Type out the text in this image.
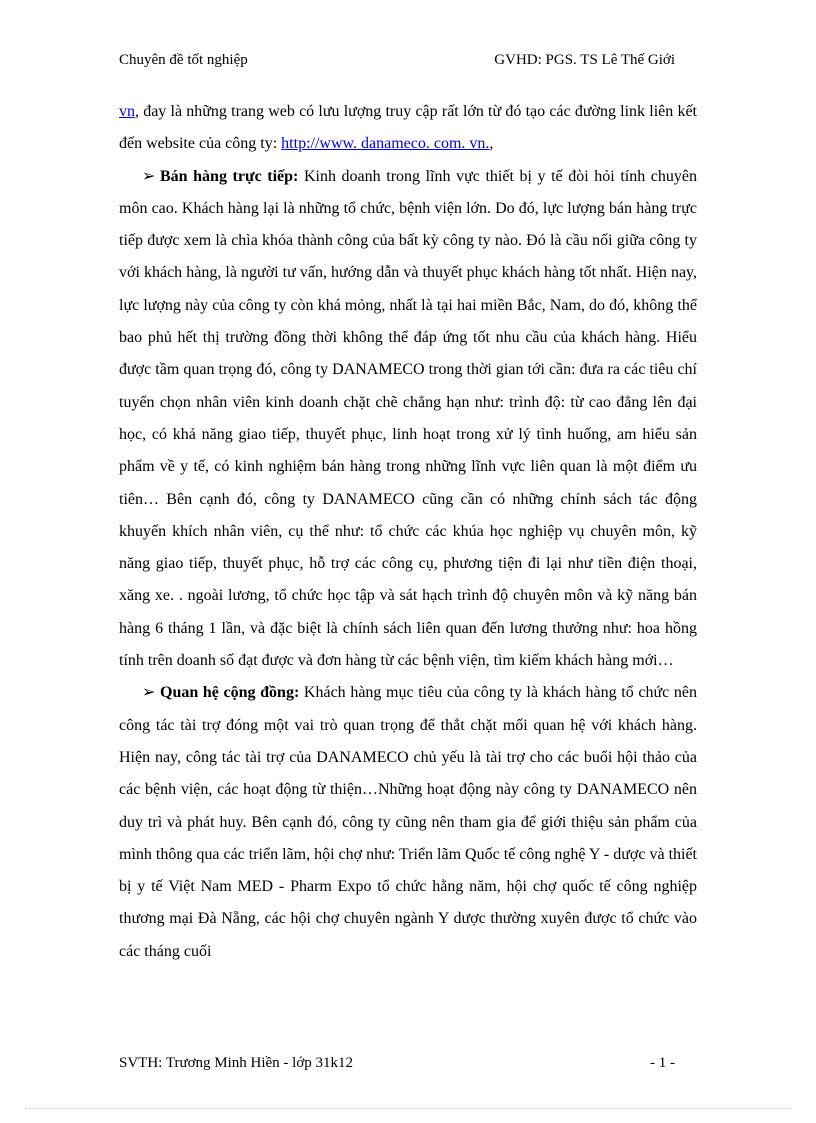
Chuyên đề tốt nghiệp	GVHD: PGS. TS Lê Thế Giới

vn, đay là những trang web có lưu lượng truy cập rất lớn từ đó tạo các đường link liên kết đến website của công ty: http://www. danameco. com. vn.,

➢ Bán hàng trực tiếp: Kinh doanh trong lĩnh vực thiết bị y tế đòi hỏi tính chuyên môn cao. Khách hàng lại là những tổ chức, bệnh viện lớn. Do đó, lực lượng bán hàng trực tiếp được xem là chìa khóa thành công của bất kỳ công ty nào. Đó là cầu nối giữa công ty với khách hàng, là người tư vấn, hướng dẫn và thuyết phục khách hàng tốt nhất. Hiện nay, lực lượng này của công ty còn khá mỏng, nhất là tại hai miền Bắc, Nam, do đó, không thể bao phủ hết thị trường đồng thời không thể đáp ứng tốt nhu cầu của khách hàng. Hiểu được tầm quan trọng đó, công ty DANAMECO trong thời gian tới cần: đưa ra các tiêu chí tuyển chọn nhân viên kinh doanh chặt chẽ chẳng hạn như: trình độ: từ cao đẳng lên đại học, có khả năng giao tiếp, thuyết phục, linh hoạt trong xử lý tình huống, am hiểu sản phẩm về y tế, có kinh nghiệm bán hàng trong những lĩnh vực liên quan là một điểm ưu tiên… Bên cạnh đó, công ty DANAMECO cũng cần có những chính sách tác động khuyến khích nhân viên, cụ thể như: tổ chức các khúa học nghiệp vụ chuyên môn, kỹ năng giao tiếp, thuyết phục, hỗ trợ các công cụ, phương tiện đi lại như tiền điện thoại, xăng xe. . ngoài lương, tổ chức học tập và sát hạch trình độ chuyên môn và kỹ năng bán hàng 6 tháng 1 lần, và đặc biệt là chính sách liên quan đến lương thưởng như: hoa hồng tính trên doanh số đạt được và đơn hàng từ các bệnh viện, tìm kiếm khách hàng mới…

➢ Quan hệ cộng đồng: Khách hàng mục tiêu của công ty là khách hàng tổ chức nên công tác tài trợ đóng một vai trò quan trọng để thắt chặt mối quan hệ với khách hàng. Hiện nay, công tác tài trợ của DANAMECO chủ yếu là tài trợ cho các buổi hội thảo của các bệnh viện, các hoạt động từ thiện…Những hoạt động này công ty DANAMECO nên duy trì và phát huy. Bên cạnh đó, công ty cũng nên tham gia để giới thiệu sản phẩm của mình thông qua các triển lãm, hội chợ như: Triển lãm Quốc tế công nghệ Y - dược và thiết bị y tế Việt Nam MED - Pharm Expo tổ chức hằng năm, hội chợ quốc tế công nghiệp thương mại Đà Nẵng, các hội chợ chuyên ngành Y dược thường xuyên được tổ chức vào các tháng cuối

SVTH: Trương Minh Hiền - lớp 31k12	- 1 -
